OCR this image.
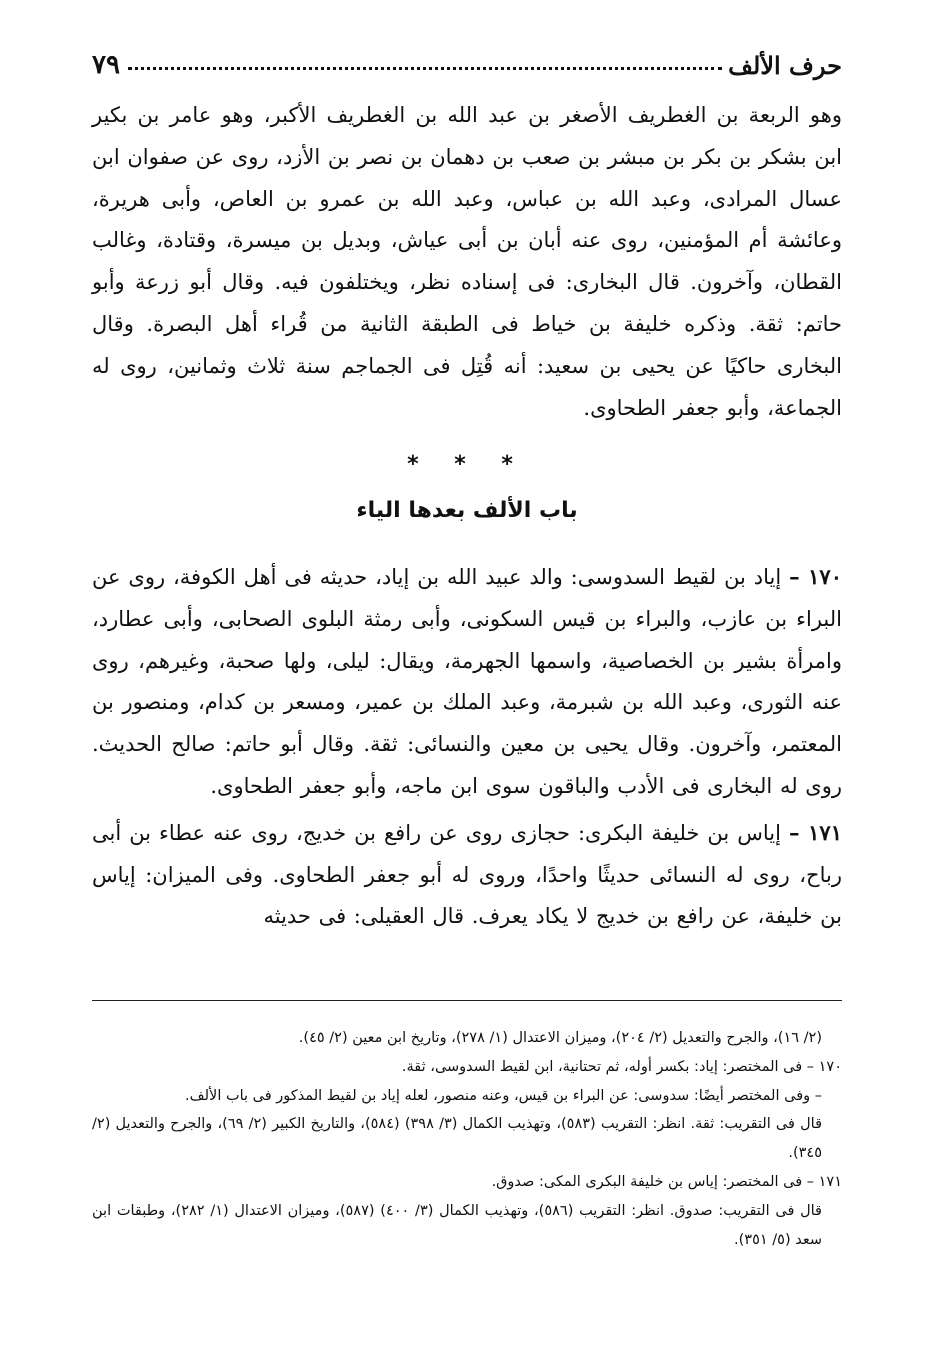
حرف الألف
٧٩

وهو الربعة بن الغطريف الأصغر بن عبد الله بن الغطريف الأكبر، وهو عامر بن بكير ابن بشكر بن بكر بن مبشر بن صعب بن دهمان بن نصر بن الأزد، روى عن صفوان ابن عسال المرادى، وعبد الله بن عباس، وعبد الله بن عمرو بن العاص، وأبى هريرة، وعائشة أم المؤمنين، روى عنه أبان بن أبى عياش، وبديل بن ميسرة، وقتادة، وغالب القطان، وآخرون. قال البخارى: فى إسناده نظر، ويختلفون فيه. وقال أبو زرعة وأبو حاتم: ثقة. وذكره خليفة بن خياط فى الطبقة الثانية من قُراء أهل البصرة. وقال البخارى حاكيًا عن يحيى بن سعيد: أنه قُتِل فى الجماجم سنة ثلاث وثمانين، روى له الجماعة، وأبو جعفر الطحاوى.

* * *
باب الألف بعدها الياء

١٧٠ – إياد بن لقيط السدوسى: والد عبيد الله بن إياد، حديثه فى أهل الكوفة، روى عن البراء بن عازب، والبراء بن قيس السكونى، وأبى رمثة البلوى الصحابى، وأبى عطارد، وامرأة بشير بن الخصاصية، واسمها الجهرمة، ويقال: ليلى، ولها صحبة، وغيرهم، روى عنه الثورى، وعبد الله بن شبرمة، وعبد الملك بن عمير، ومسعر بن كدام، ومنصور بن المعتمر، وآخرون. وقال يحيى بن معين والنسائى: ثقة. وقال أبو حاتم: صالح الحديث. روى له البخارى فى الأدب والباقون سوى ابن ماجه، وأبو جعفر الطحاوى.

١٧١ – إياس بن خليفة البكرى: حجازى روى عن رافع بن خديج، روى عنه عطاء بن أبى رباح، روى له النسائى حديثًا واحدًا، وروى له أبو جعفر الطحاوى. وفى الميزان: إياس بن خليفة، عن رافع بن خديج لا يكاد يعرف. قال العقيلى: فى حديثه

(٢/ ١٦)، والجرح والتعديل (٢/ ٢٠٤)، وميزان الاعتدال (١/ ٢٧٨)، وتاريخ ابن معين (٢/ ٤٥).

١٧٠ – فى المختصر: إياد: بكسر أوله، ثم تحتانية، ابن لقيط السدوسى، ثقة.

– وفى المختصر أيضًا: سدوسى: عن البراء بن قيس، وعنه منصور، لعله إياد بن لقيط المذكور فى باب الألف.

قال فى التقريب: ثقة. انظر: التقريب (٥٨٣)، وتهذيب الكمال (٣/ ٣٩٨) (٥٨٤)، والتاريخ الكبير (٢/ ٦٩)، والجرح والتعديل (٢/ ٣٤٥).

١٧١ – فى المختصر: إياس بن خليفة البكرى المكى: صدوق.

قال فى التقريب: صدوق. انظر: التقريب (٥٨٦)، وتهذيب الكمال (٣/ ٤٠٠) (٥٨٧)، وميزان الاعتدال (١/ ٢٨٢)، وطبقات ابن سعد (٥/ ٣٥١).
